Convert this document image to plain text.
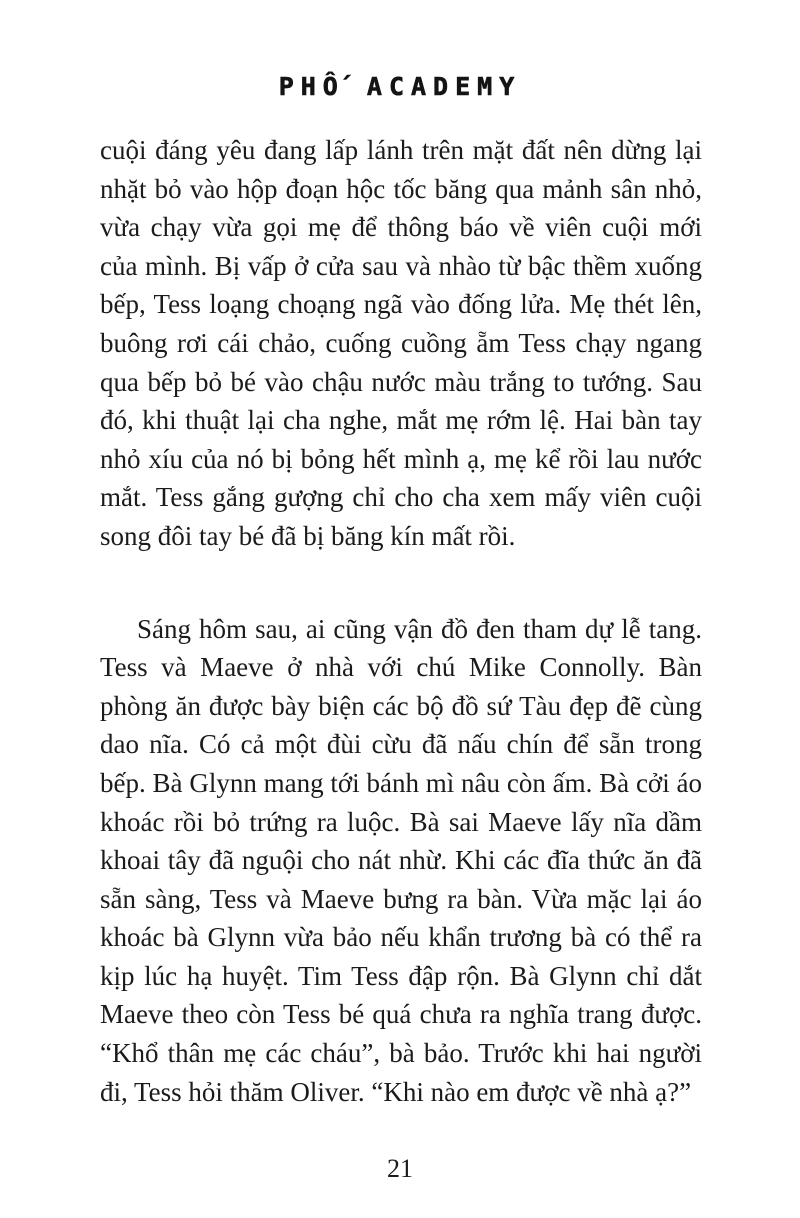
PHỐ ACADEMY

cuội đáng yêu đang lấp lánh trên mặt đất nên dừng lại nhặt bỏ vào hộp đoạn hộc tốc băng qua mảnh sân nhỏ, vừa chạy vừa gọi mẹ để thông báo về viên cuội mới của mình. Bị vấp ở cửa sau và nhào từ bậc thềm xuống bếp, Tess loạng choạng ngã vào đống lửa. Mẹ thét lên, buông rơi cái chảo, cuống cuồng ẵm Tess chạy ngang qua bếp bỏ bé vào chậu nước màu trắng to tướng. Sau đó, khi thuật lại cha nghe, mắt mẹ rớm lệ. Hai bàn tay nhỏ xíu của nó bị bỏng hết mình ạ, mẹ kể rồi lau nước mắt. Tess gắng gượng chỉ cho cha xem mấy viên cuội song đôi tay bé đã bị băng kín mất rồi.

Sáng hôm sau, ai cũng vận đồ đen tham dự lễ tang. Tess và Maeve ở nhà với chú Mike Connolly. Bàn phòng ăn được bày biện các bộ đồ sứ Tàu đẹp đẽ cùng dao nĩa. Có cả một đùi cừu đã nấu chín để sẵn trong bếp. Bà Glynn mang tới bánh mì nâu còn ấm. Bà cởi áo khoác rồi bỏ trứng ra luộc. Bà sai Maeve lấy nĩa dầm khoai tây đã nguội cho nát nhừ. Khi các đĩa thức ăn đã sẵn sàng, Tess và Maeve bưng ra bàn. Vừa mặc lại áo khoác bà Glynn vừa bảo nếu khẩn trương bà có thể ra kịp lúc hạ huyệt. Tim Tess đập rộn. Bà Glynn chỉ dắt Maeve theo còn Tess bé quá chưa ra nghĩa trang được. “Khổ thân mẹ các cháu”, bà bảo. Trước khi hai người đi, Tess hỏi thăm Oliver. “Khi nào em được về nhà ạ?”

21
